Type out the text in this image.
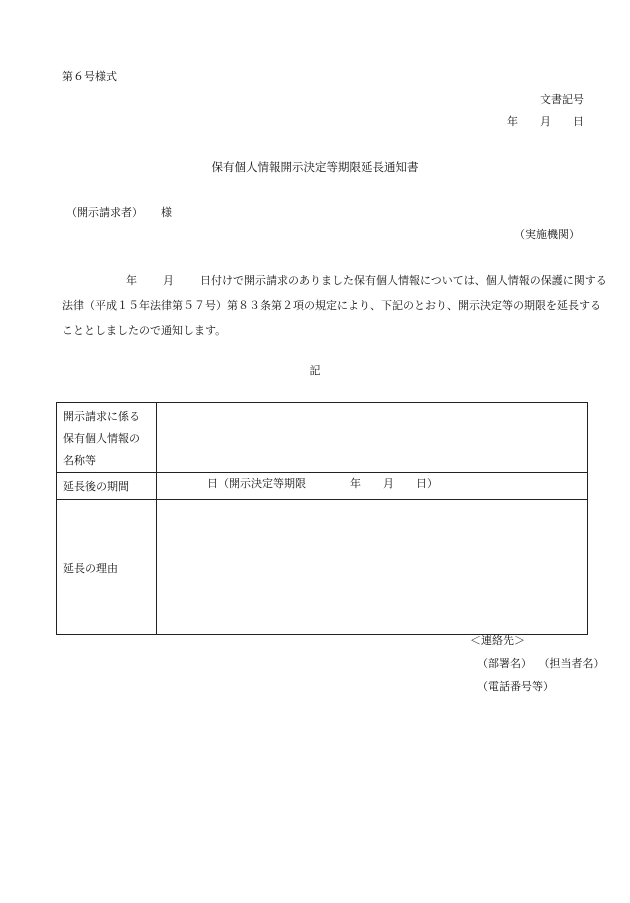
第６号様式
文書記号
年 月 日
保有個人情報開示決定等期限延長通知書
（開示請求者） 様
（実施機関）
年 月 日付けで開示請求のありました保有個人情報については、個人情報の保護に関する
法律（平成１５年法律第５７号）第８３条第２項の規定により、下記のとおり、開示決定等の期限を延長する
こととしましたので通知します。
記
開示請求に係る
保有個人情報の
名称等	

延長後の期間	日（開示決定等期限 年 月 日）
延長の理由	
＜連絡先＞
（部署名） （担当者名）
（電話番号等）
